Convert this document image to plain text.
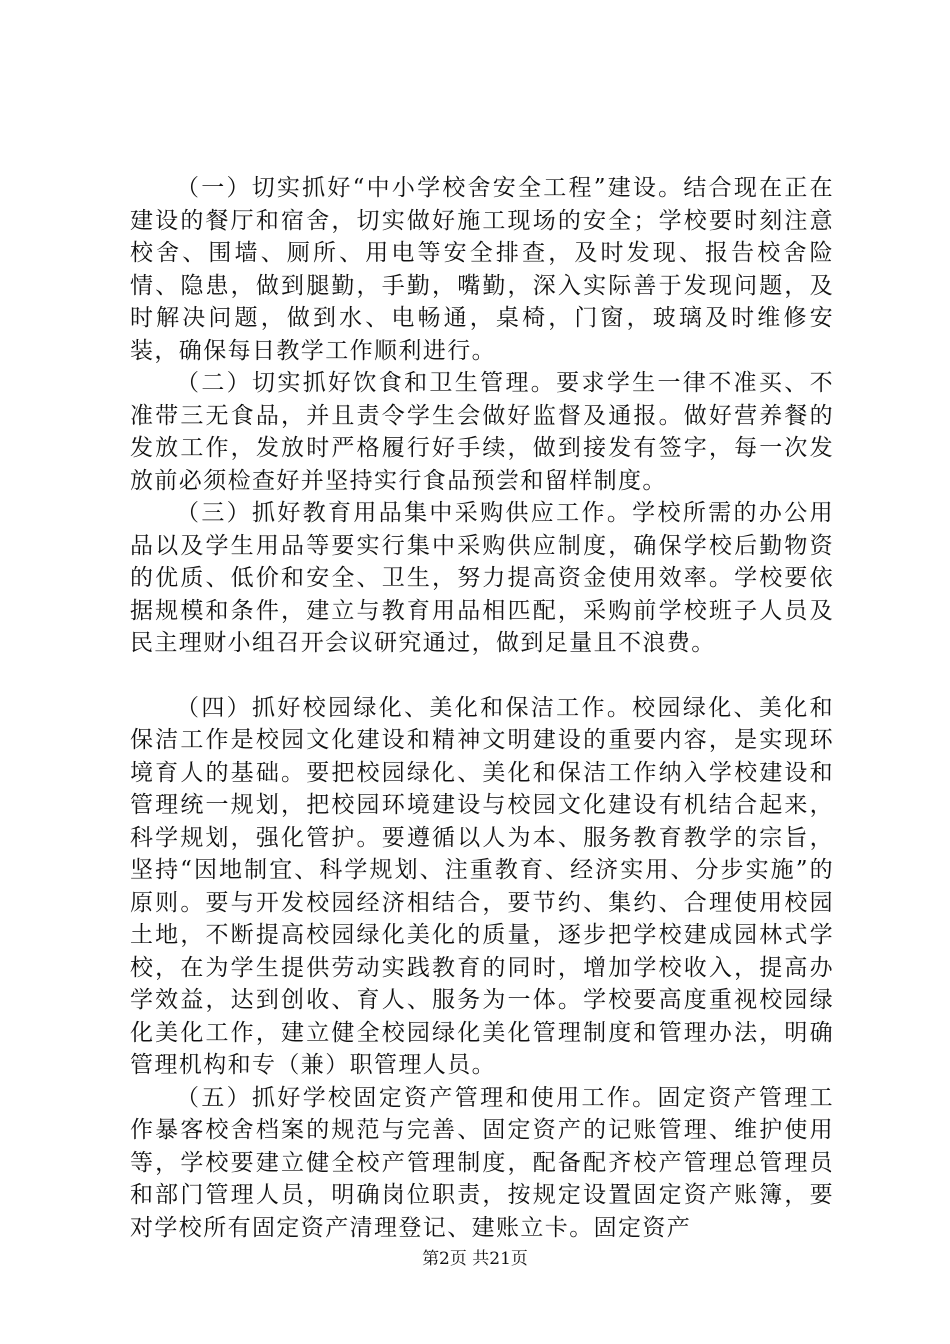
（一）切实抓好“中小学校舍安全工程”建设。结合现在正在建设的餐厅和宿舍，切实做好施工现场的安全；学校要时刻注意校舍、围墙、厕所、用电等安全排查，及时发现、报告校舍险情、隐患，做到腿勤，手勤，嘴勤，深入实际善于发现问题，及时解决问题，做到水、电畅通，桌椅，门窗，玻璃及时维修安装，确保每日教学工作顺利进行。

（二）切实抓好饮食和卫生管理。要求学生一律不准买、不准带三无食品，并且责令学生会做好监督及通报。做好营养餐的发放工作，发放时严格履行好手续，做到接发有签字，每一次发放前必须检查好并坚持实行食品预尝和留样制度。

（三）抓好教育用品集中采购供应工作。学校所需的办公用品以及学生用品等要实行集中采购供应制度，确保学校后勤物资的优质、低价和安全、卫生，努力提高资金使用效率。学校要依据规模和条件，建立与教育用品相匹配，采购前学校班子人员及民主理财小组召开会议研究通过，做到足量且不浪费。

（四）抓好校园绿化、美化和保洁工作。校园绿化、美化和保洁工作是校园文化建设和精神文明建设的重要内容，是实现环境育人的基础。要把校园绿化、美化和保洁工作纳入学校建设和管理统一规划，把校园环境建设与校园文化建设有机结合起来，科学规划，强化管护。要遵循以人为本、服务教育教学的宗旨，坚持“因地制宜、科学规划、注重教育、经济实用、分步实施”的原则。要与开发校园经济相结合，要节约、集约、合理使用校园土地，不断提高校园绿化美化的质量，逐步把学校建成园林式学校，在为学生提供劳动实践教育的同时，增加学校收入，提高办学效益，达到创收、育人、服务为一体。学校要高度重视校园绿化美化工作，建立健全校园绿化美化管理制度和管理办法，明确管理机构和专（兼）职管理人员。

（五）抓好学校固定资产管理和使用工作。固定资产管理工作暴客校舍档案的规范与完善、固定资产的记账管理、维护使用等，学校要建立健全校产管理制度，配备配齐校产管理总管理员和部门管理人员，明确岗位职责，按规定设置固定资产账簿，要对学校所有固定资产清理登记、建账立卡。固定资产

第2页 共21页
